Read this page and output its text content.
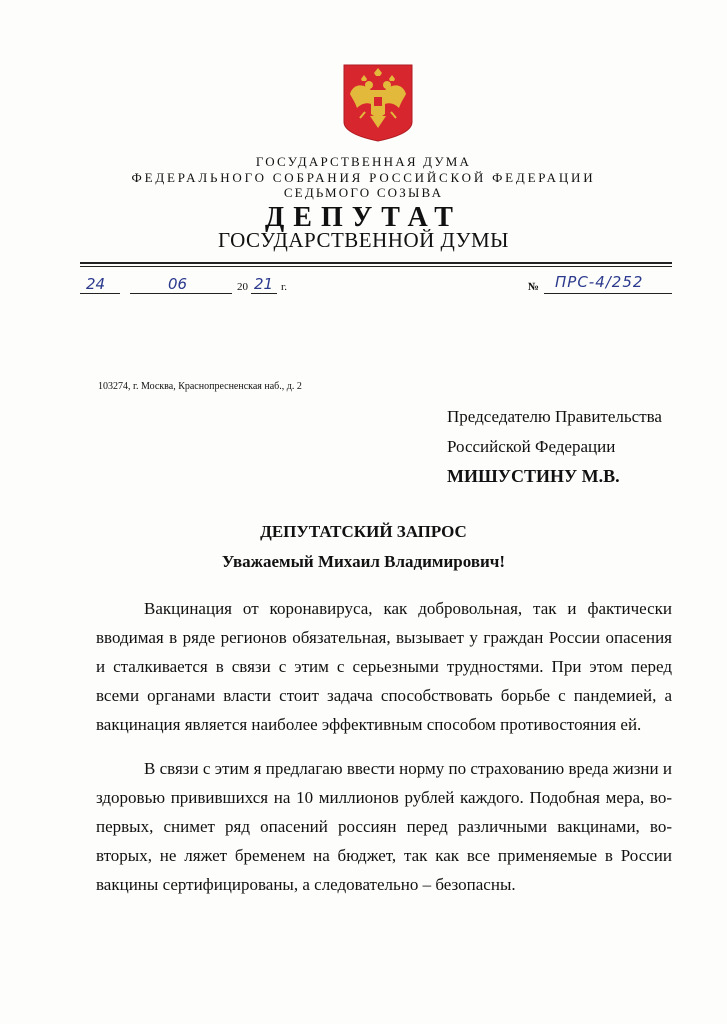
ГОСУДАРСТВЕННАЯ ДУМА
ФЕДЕРАЛЬНОГО СОБРАНИЯ РОССИЙСКОЙ ФЕДЕРАЦИИ
СЕДЬМОГО СОЗЫВА
ДЕПУТАТ
ГОСУДАРСТВЕННОЙ ДУМЫ
24	06	20 21 г.	№ ПРС-4/252
103274, г. Москва, Краснопресненская наб., д. 2
Председателю Правительства
Российской Федерации
МИШУСТИНУ М.В.
ДЕПУТАТСКИЙ ЗАПРОС
Уважаемый Михаил Владимирович!
Вакцинация от коронавируса, как добровольная, так и фактически вводимая в ряде регионов обязательная, вызывает у граждан России опасения и сталкивается в связи с этим с серьезными трудностями. При этом перед всеми органами власти стоит задача способствовать борьбе с пандемией, а вакцинация является наиболее эффективным способом противостояния ей.
В связи с этим я предлагаю ввести норму по страхованию вреда жизни и здоровью привившихся на 10 миллионов рублей каждого. Подобная мера, во-первых, снимет ряд опасений россиян перед различными вакцинами, во-вторых, не ляжет бременем на бюджет, так как все применяемые в России вакцины сертифицированы, а следовательно – безопасны.
